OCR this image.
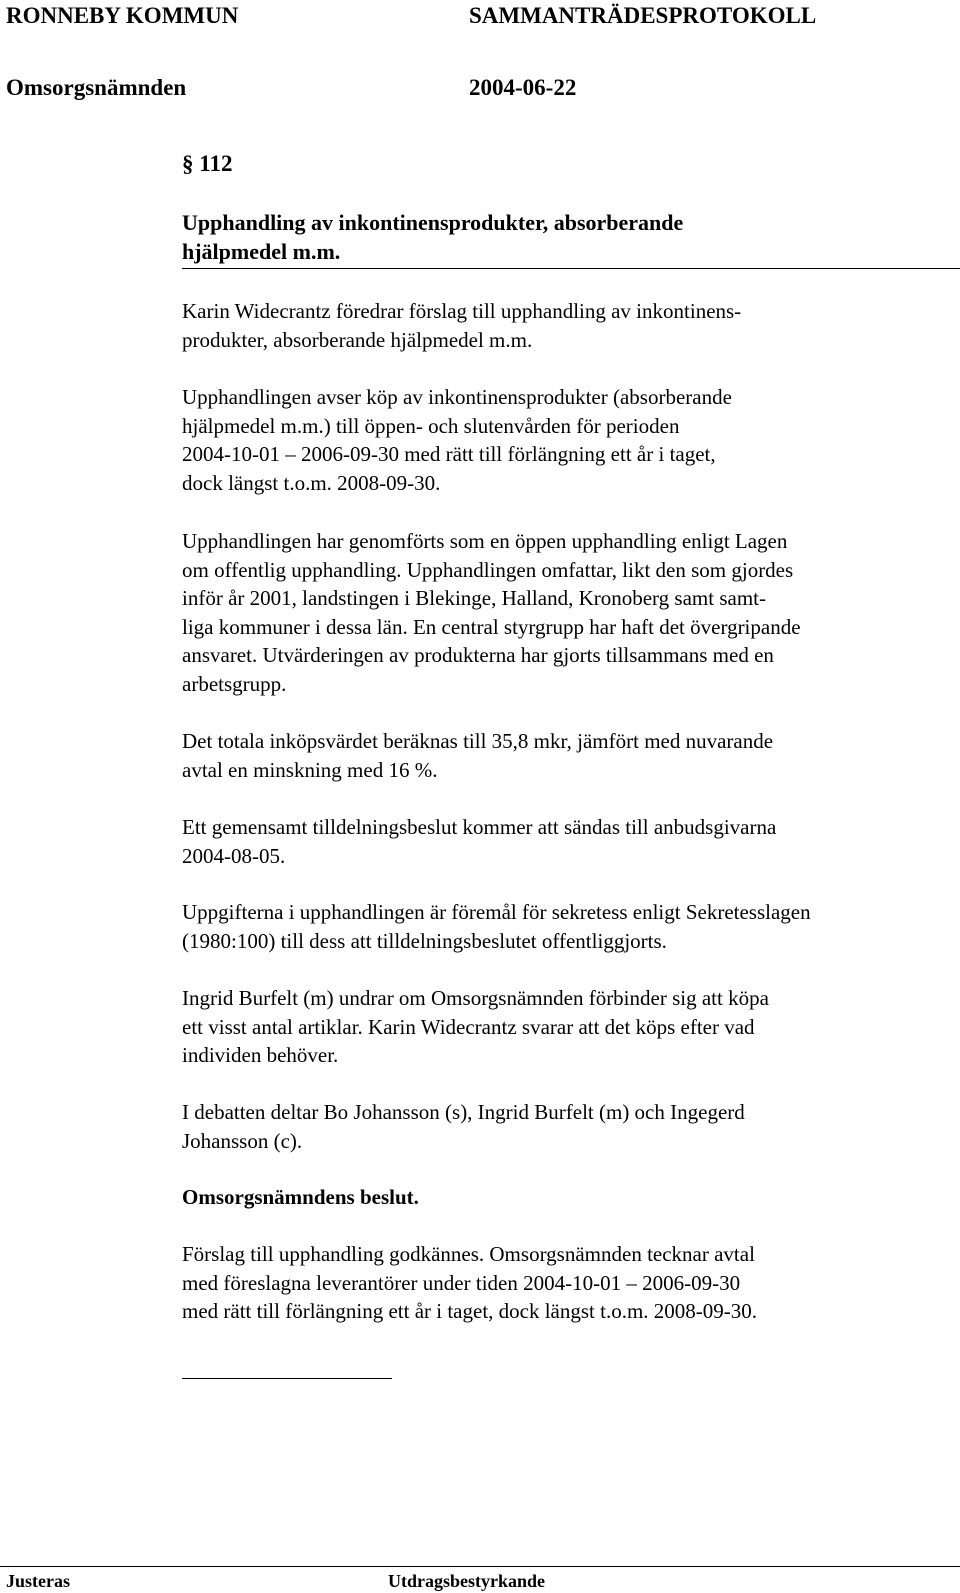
RONNEBY KOMMUN	SAMMANTRÄDESPROTOKOLL
Omsorgsnämnden	2004-06-22
§ 112
Upphandling av inkontinensprodukter, absorberande
hjälpmedel m.m.
Karin Widecrantz föredrar förslag till upphandling av inkontinens-
produkter, absorberande hjälpmedel m.m.
Upphandlingen avser köp av inkontinensprodukter (absorberande
hjälpmedel m.m.) till öppen- och slutenvården för perioden
2004-10-01 – 2006-09-30 med rätt till förlängning ett år i taget,
dock längst t.o.m. 2008-09-30.
Upphandlingen har genomförts som en öppen upphandling enligt Lagen
om offentlig upphandling. Upphandlingen omfattar, likt den som gjordes
inför år 2001, landstingen i Blekinge, Halland, Kronoberg samt samt-
liga kommuner i dessa län. En central styrgrupp har haft det övergripande
ansvaret. Utvärderingen av produkterna har gjorts tillsammans med en
arbetsgrupp.
Det totala inköpsvärdet beräknas till 35,8 mkr, jämfört med nuvarande
avtal en minskning med 16 %.
Ett gemensamt tilldelningsbeslut kommer att sändas till anbudsgivarna
2004-08-05.
Uppgifterna i upphandlingen är föremål för sekretess enligt Sekretesslagen
(1980:100) till dess att tilldelningsbeslutet offentliggjorts.
Ingrid Burfelt (m) undrar om Omsorgsnämnden förbinder sig att köpa
ett visst antal artiklar. Karin Widecrantz svarar att det köps efter vad
individen behöver.
I debatten deltar Bo Johansson (s), Ingrid Burfelt (m) och Ingegerd
Johansson (c).
Omsorgsnämndens beslut.
Förslag till upphandling godkännes. Omsorgsnämnden tecknar avtal
med föreslagna leverantörer under tiden 2004-10-01 – 2006-09-30
med rätt till förlängning ett år i taget, dock längst t.o.m. 2008-09-30.
Justeras	Utdragsbestyrkande
